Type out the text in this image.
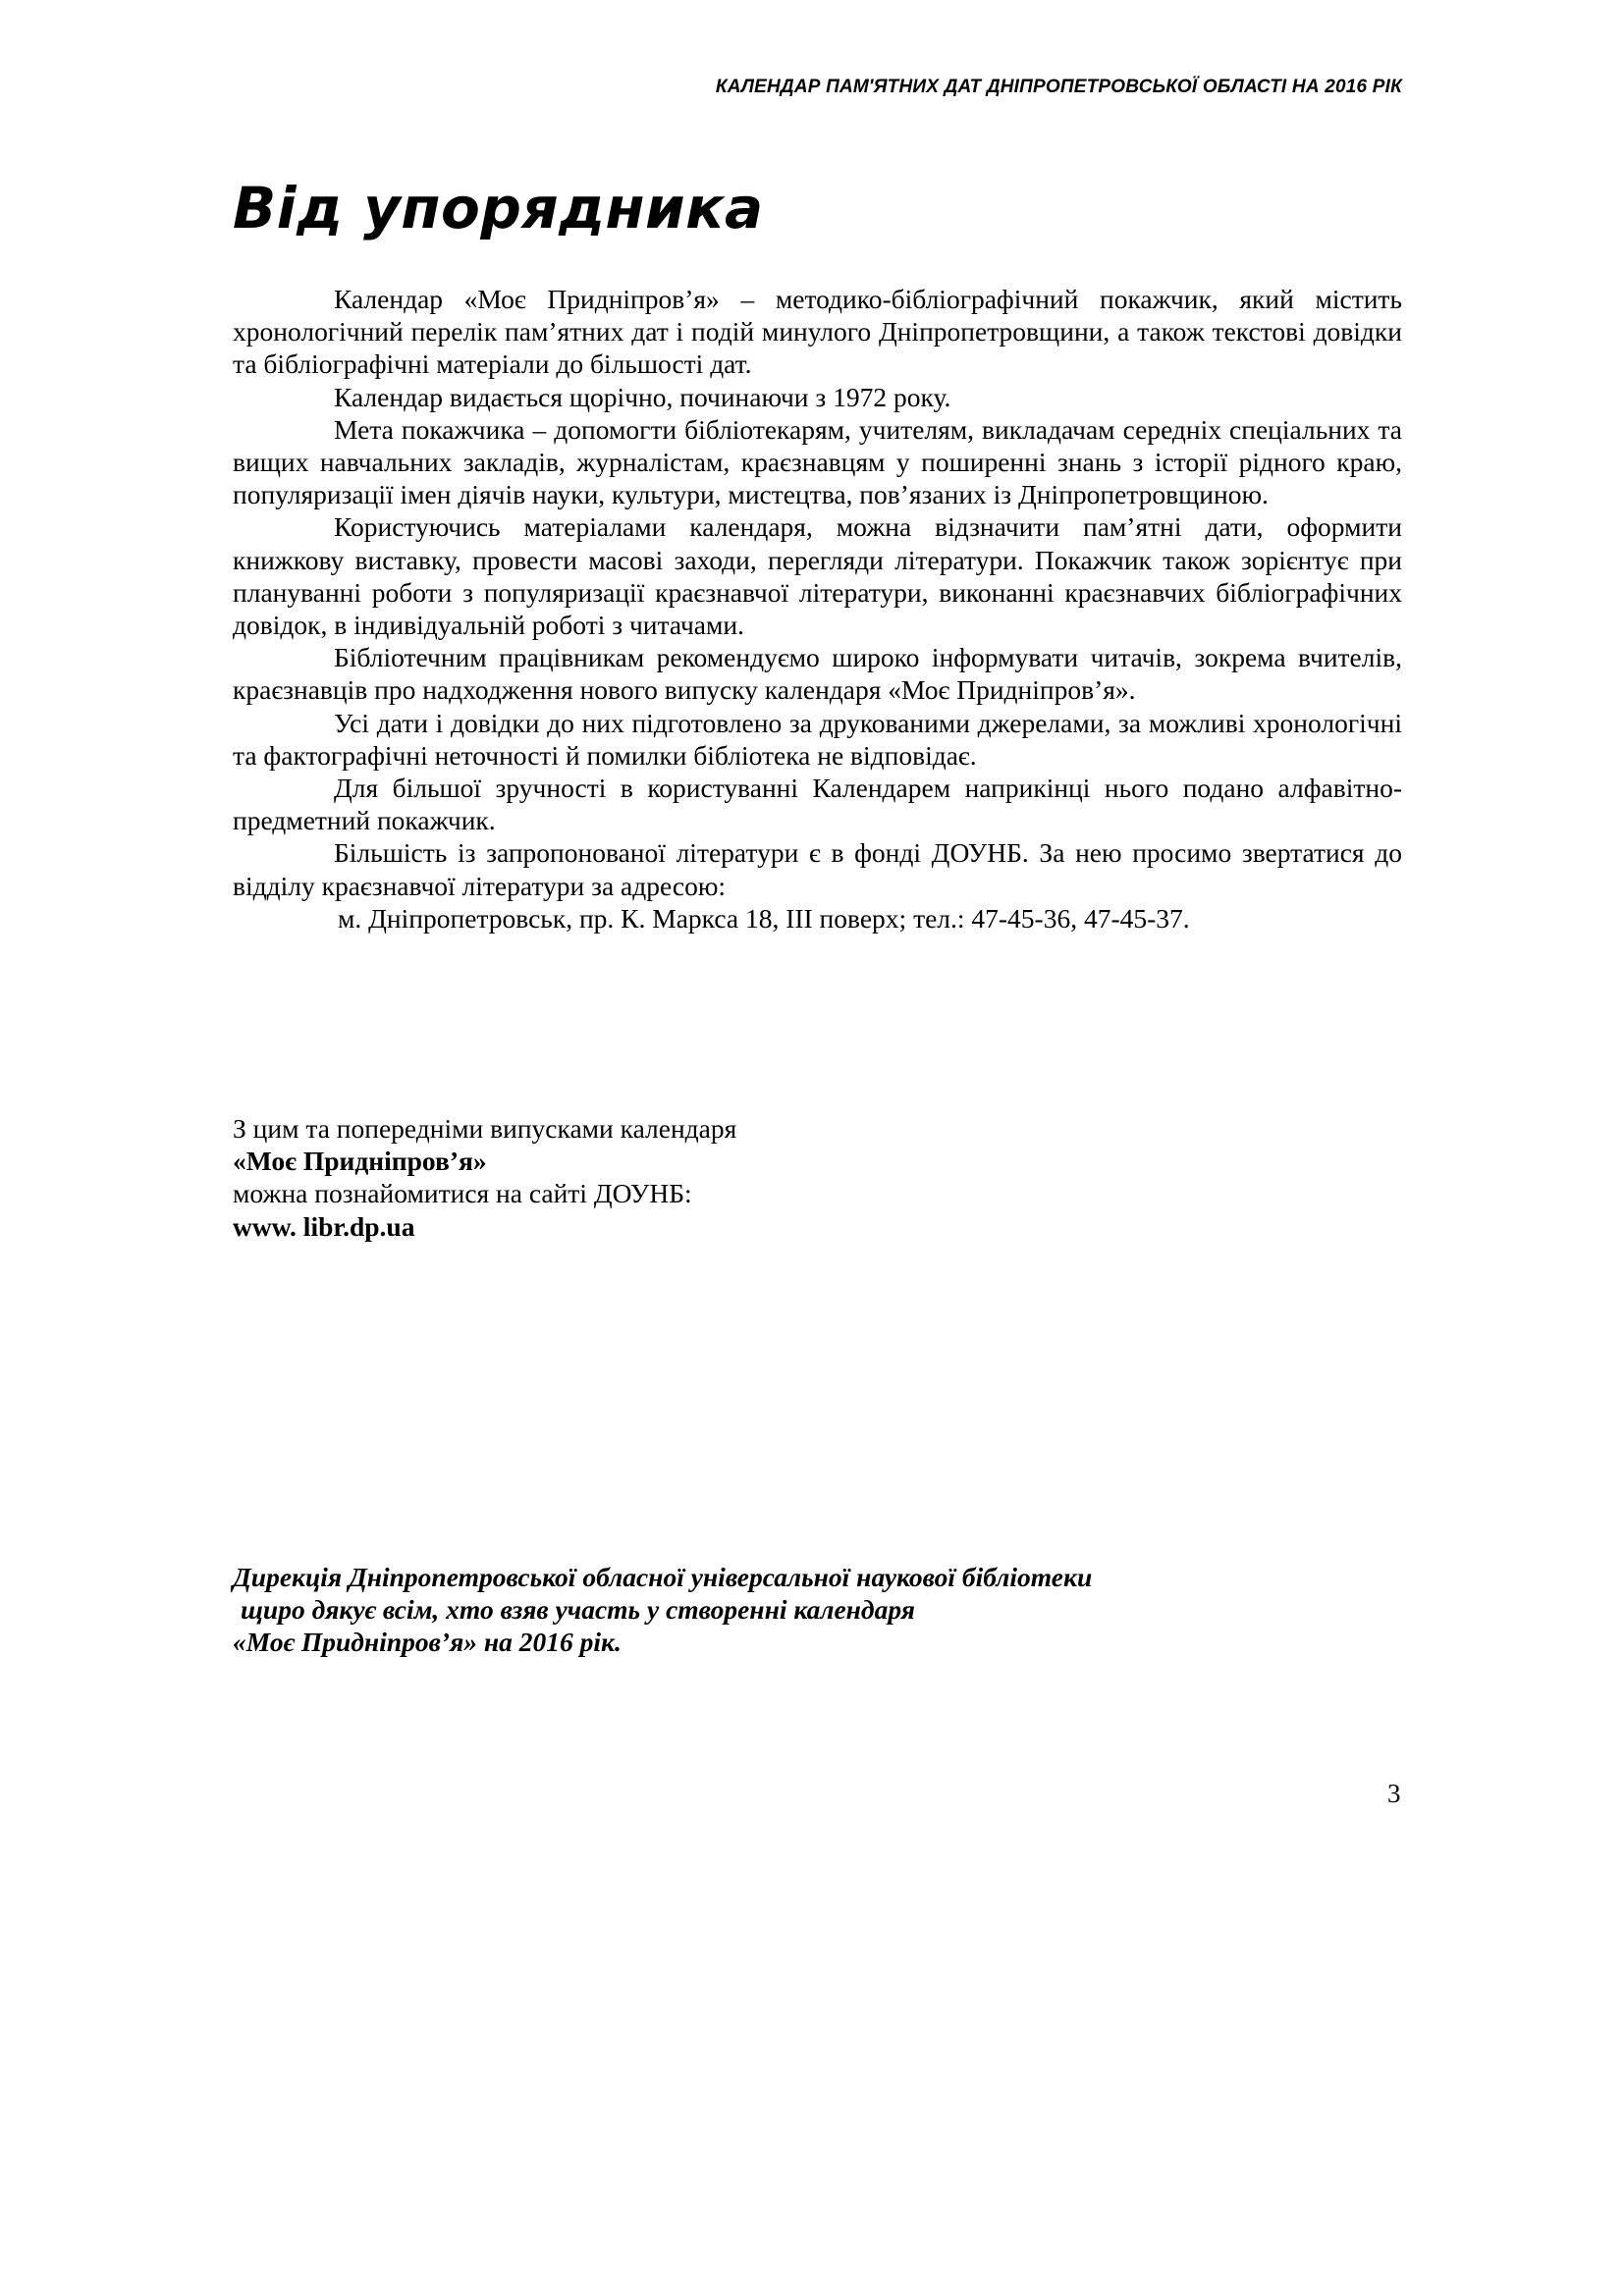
КАЛЕНДАР ПАМ'ЯТНИХ ДАТ ДНІПРОПЕТРОВСЬКОЇ ОБЛАСТІ НА 2016 РІК
Від упорядника

Календар «Моє Придніпров’я» – методико-бібліографічний покажчик, який містить хронологічний перелік пам’ятних дат і подій минулого Дніпропетровщини, а також текстові довідки та бібліографічні матеріали до більшості дат.

Календар видається щорічно, починаючи з 1972 року.

Мета покажчика – допомогти бібліотекарям, учителям, викладачам середніх спеціальних та вищих навчальних закладів, журналістам, краєзнавцям у поширенні знань з історії рідного краю, популяризації імен діячів науки, культури, мистецтва, пов’язаних із Дніпропетровщиною.

Користуючись матеріалами календаря, можна відзначити пам’ятні дати, оформити книжкову виставку, провести масові заходи, перегляди літератури. Покажчик також зорієнтує при плануванні роботи з популяризації краєзнавчої літератури, виконанні краєзнавчих бібліографічних довідок, в індивідуальній роботі з читачами.

Бібліотечним працівникам рекомендуємо широко інформувати читачів, зокрема вчителів, краєзнавців про надходження нового випуску календаря «Моє Придніпров’я».

Усі дати і довідки до них підготовлено за друкованими джерелами, за можливі хронологічні та фактографічні неточності й помилки бібліотека не відповідає.

Для більшої зручності в користуванні Календарем наприкінці нього подано алфавітно-предметний покажчик.

Більшість із запропонованої літератури є в фонді ДОУНБ. За нею просимо звертатися до відділу краєзнавчої літератури за адресою:

м. Дніпропетровськ, пр. К. Маркса 18, ІІІ поверх; тел.: 47-45-36, 47-45-37.

З цим та попередніми випусками календаря
«Моє Придніпров’я»
можна познайомитися на сайті ДОУНБ:
www. libr.dp.ua
Дирекція Дніпропетровської обласної універсальної наукової бібліотеки
щиро дякує всім, хто взяв участь у створенні календаря
«Моє Придніпров’я» на 2016 рік.
3
